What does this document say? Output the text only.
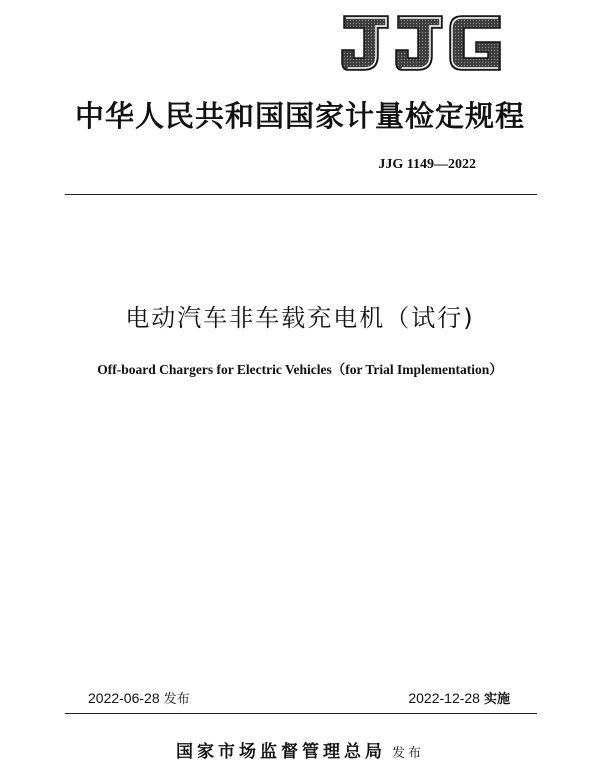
中华人民共和国国家计量检定规程
JJG 1149—2022
电动汽车非车载充电机（试行)
Off-board Chargers for Electric Vehicles（for Trial Implementation）
2022-06-28 发布	2022-12-28 实施
国家市场监督管理总局 发布
